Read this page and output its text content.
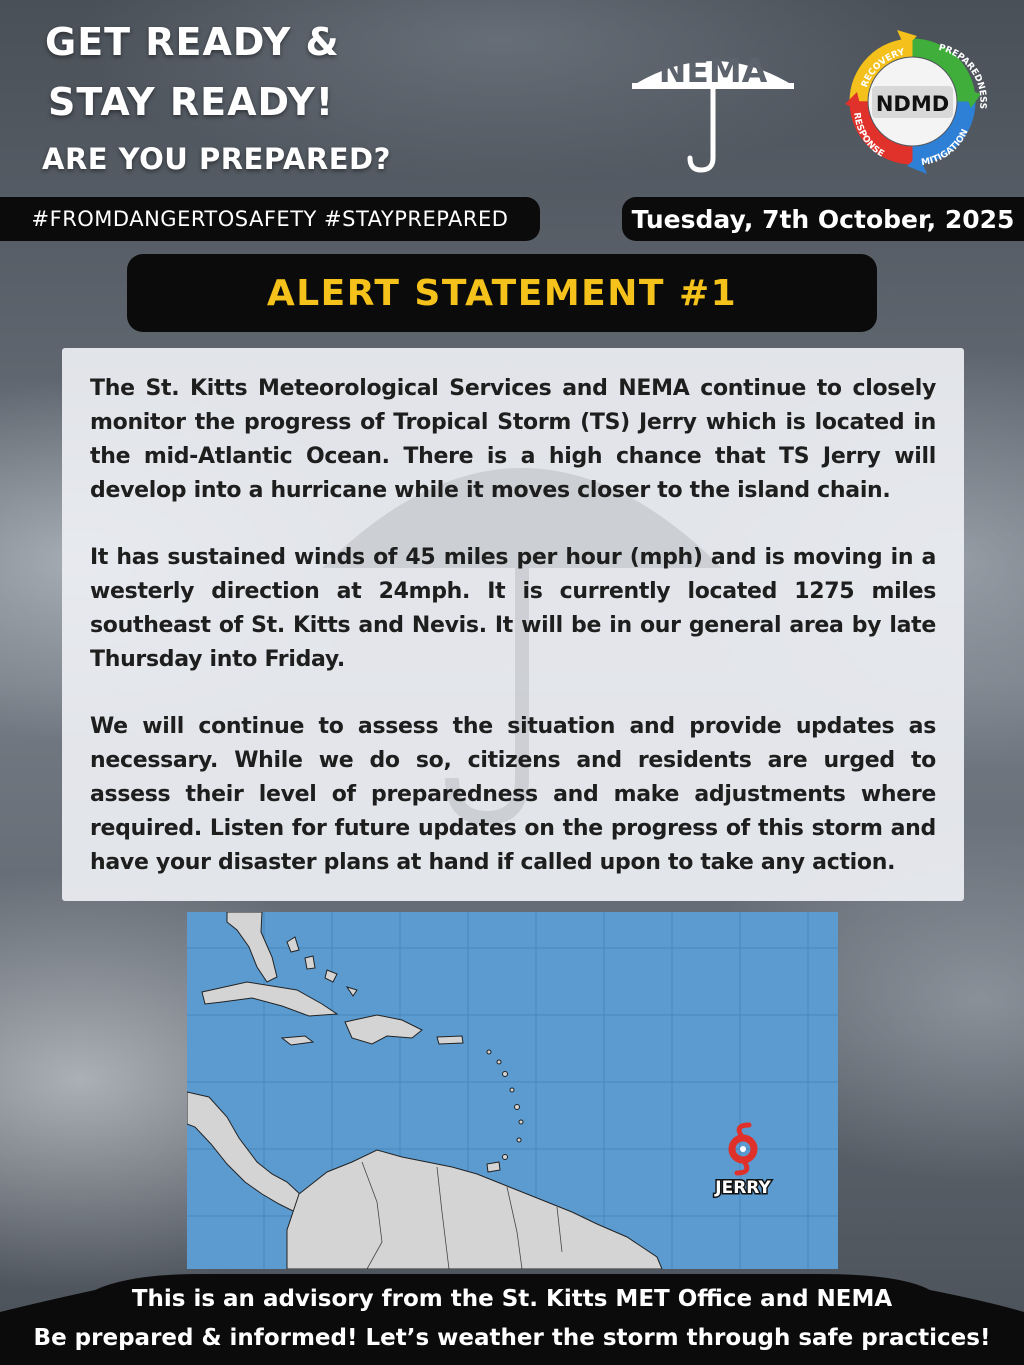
GET READY &
STAY READY!
ARE YOU PREPARED?
NEMA
NDMD
RECOVERY	PREPAREDNESS
MITIGATION
RESPONSE
#FROMDANGERTOSAFETY #STAYPREPARED	Tuesday, 7th October, 2025
ALERT STATEMENT #1

The St. Kitts Meteorological Services and NEMA continue to closely monitor the progress of Tropical Storm (TS) Jerry which is located in the mid-Atlantic Ocean. There is a high chance that TS Jerry will develop into a hurricane while it moves closer to the island chain.

It has sustained winds of 45 miles per hour (mph) and is moving in a westerly direction at 24mph. It is currently located 1275 miles southeast of St. Kitts and Nevis. It will be in our general area by late Thursday into Friday.

We will continue to assess the situation and provide updates as necessary. While we do so, citizens and residents are urged to assess their level of preparedness and make adjustments where required. Listen for future updates on the progress of this storm and have your disaster plans at hand if called upon to take any action.

JERRY
This is an advisory from the St. Kitts MET Office and NEMA
Be prepared & informed! Let’s weather the storm through safe practices!
